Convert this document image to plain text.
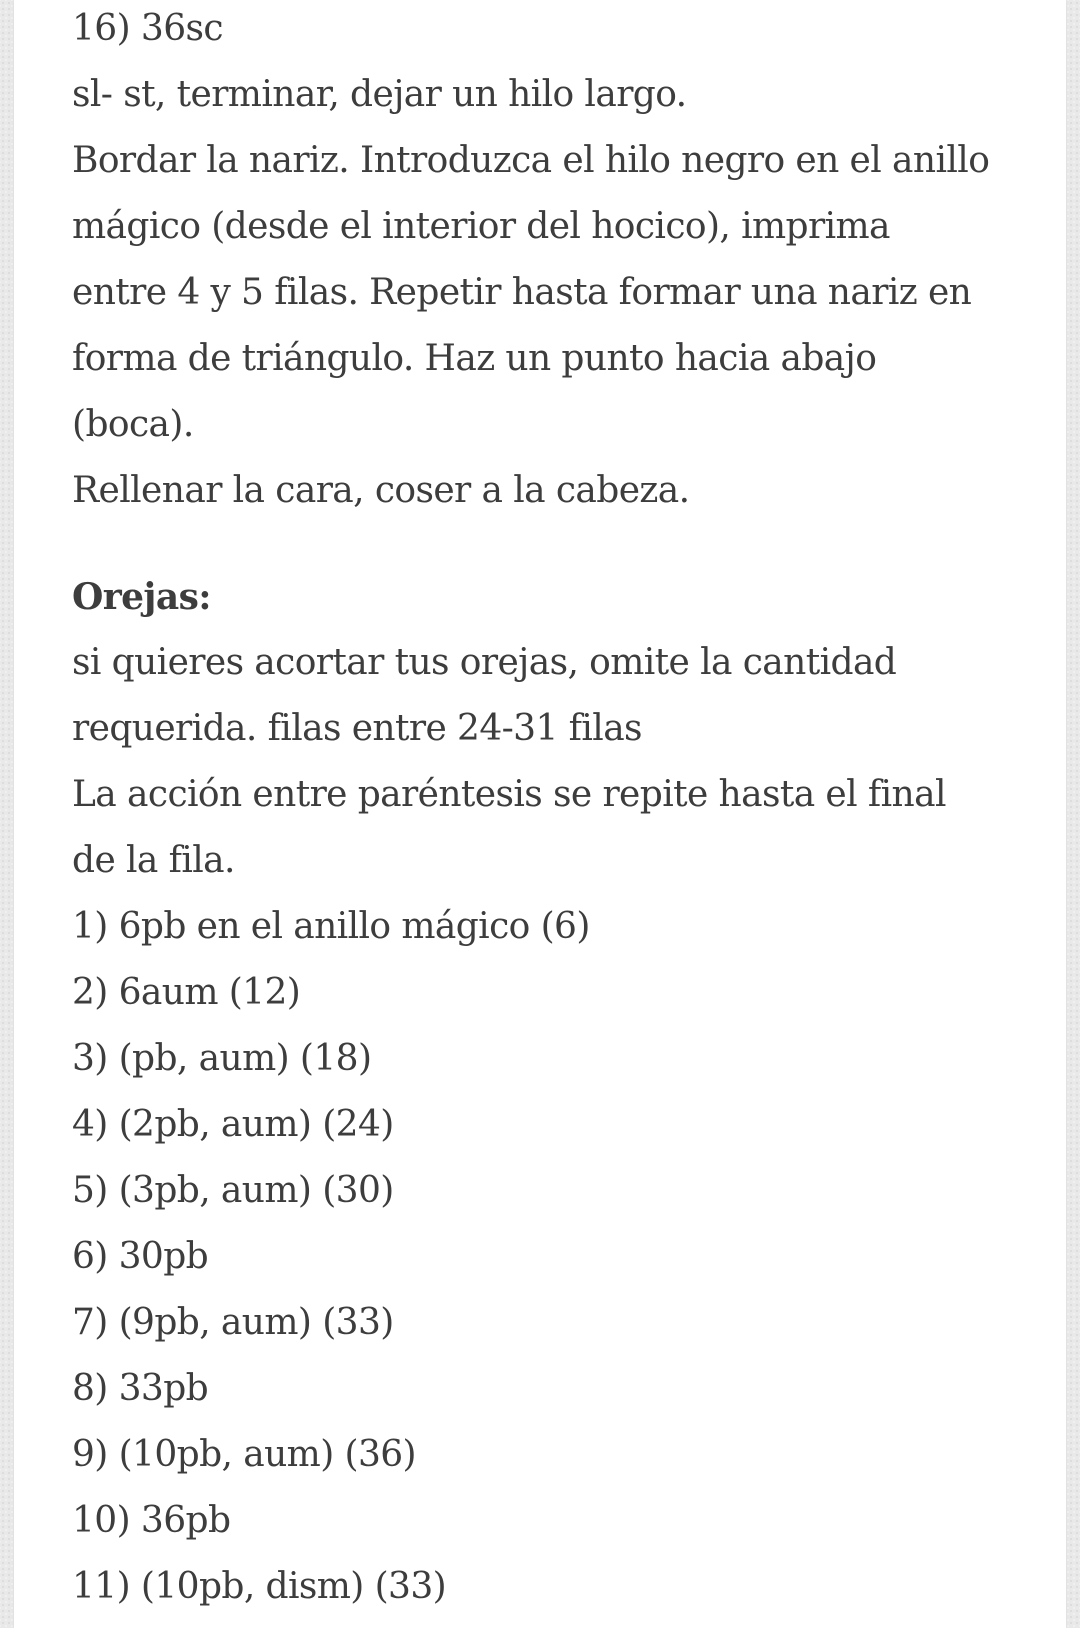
16) 36sc
sl- st, terminar, dejar un hilo largo.
Bordar la nariz. Introduzca el hilo negro en el anillo
mágico (desde el interior del hocico), imprima
entre 4 y 5 filas. Repetir hasta formar una nariz en
forma de triángulo. Haz un punto hacia abajo
(boca).
Rellenar la cara, coser a la cabeza.
Orejas:
si quieres acortar tus orejas, omite la cantidad
requerida. filas entre 24-31 filas
La acción entre paréntesis se repite hasta el final
de la fila.
1) 6pb en el anillo mágico (6)
2) 6aum (12)
3) (pb, aum) (18)
4) (2pb, aum) (24)
5) (3pb, aum) (30)
6) 30pb
7) (9pb, aum) (33)
8) 33pb
9) (10pb, aum) (36)
10) 36pb
11) (10pb, dism) (33)
